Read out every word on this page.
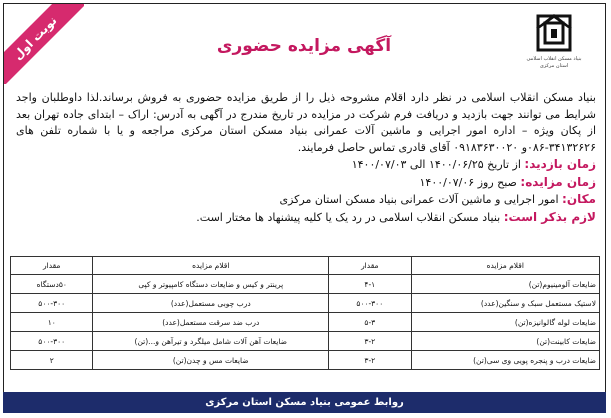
نوبت اول	بنیاد مسکن انقلاب اسلامی استان مرکزی
آگهی مزایده حضوری

بنیاد مسکن انقلاب اسلامی در نظر دارد اقلام مشروحه ذیل را از طریق مزایده حضوری به فروش برساند.لذا داوطلبان واجد شرایط می توانند جهت بازدید و دریافت فرم شرکت در مزایده در تاریخ مندرج در آگهی به آدرس: اراک – ابتدای جاده تهران بعد از پکان ویژه – اداره امور اجرایی و ماشین آلات عمرانی بنیاد مسکن استان مرکزی مراجعه و یا با شماره تلفن های ۳۴۱۳۲۶۲۶-۰۸۶و ۰۹۱۸۳۶۳۰۰۲۰ آقای قادری تماس حاصل فرمایند.

زمان بازدید: از تاریخ ۱۴۰۰/۰۶/۲۵ الی ۱۴۰۰/۰۷/۰۳
زمان مزایده: صبح روز ۱۴۰۰/۰۷/۰۶
مکان: امور اجرایی و ماشین آلات عمرانی بنیاد مسکن استان مرکزی
لازم بذکر است: بنیاد مسکن انقلاب اسلامی در رد یک یا کلیه پیشنهاد ها مختار است.
اقلام مزایده	مقدار	اقلام مزایده	مقدار
ضایعات آلومینیوم(تن)	۴-۱	پرینتر و کیس و ضایعات دستگاه کامپیوتر و کپی	۵۰دستگاه
لاستیک مستعمل سبک و سنگین(عدد)	۵۰۰-۳۰۰	درب چوبی مستعمل(عدد)	۵۰۰-۳۰۰
ضایعات لوله گالوانیزه(تن)	۵-۳	درب ضد سرقت مستعمل(عدد)	۱۰
ضایعات کابینت(تن)	۳-۲	ضایعات آهن آلات شامل میلگرد و تیرآهن و...(تن)	۵۰۰-۳۰۰
ضایعات درب و پنجره پویی وی سی(تن)	۳-۲	ضایعات مس و چدن(تن)	۲
روابط عمومی بنیاد مسکن استان مرکزی
